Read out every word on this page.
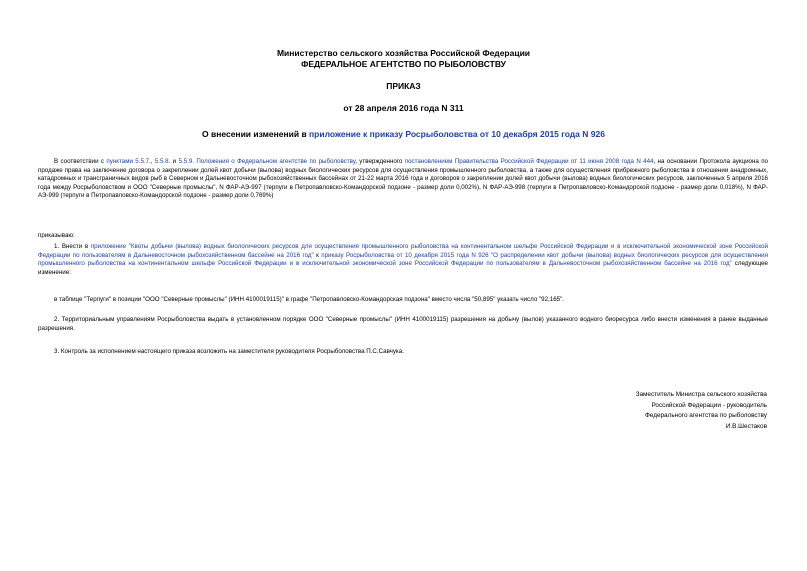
Министерство сельского хозяйства Российской Федерации
ФЕДЕРАЛЬНОЕ АГЕНТСТВО ПО РЫБОЛОВСТВУ
ПРИКАЗ
от 28 апреля 2016 года N 311
О внесении изменений в приложение к приказу Росрыболовства от 10 декабря 2015 года N 926

В соответствии с пунктами 5.5.7., 5.5.8. и 5.5.9. Положения о Федеральном агентстве по рыболовству, утвержденного постановлением Правительства Российской Федерации от 11 июня 2008 года N 444, на основании Протокола аукциона по продаже права на заключение договора о закреплении долей квот добычи (вылова) водных биологических ресурсов для осуществления промышленного рыболовства, а также для осуществления прибрежного рыболовства в отношении анадромных, катадромных и трансграничных видов рыб в Северном и Дальневосточном рыбохозяйственных бассейнах от 21-22 марта 2016 года и договоров о закреплении долей квот добычи (вылова) водных биологических ресурсов, заключенных 5 апреля 2016 года между Росрыболовством и ООО "Северные промыслы", N ФАР-АЭ-997 (терпуги в Петропавловско-Командорской подзоне - размер доли 0,002%), N ФАР-АЭ-998 (терпуги в Петропавловско-Командорской подзоне - размер доли 0,018%), N ФАР-АЭ-999 (терпуги в Петропавловско-Командорской подзоне - размер доли 0,769%)

приказываю:

1. Внести в приложение "Квоты добычи (вылова) водных биологических ресурсов для осуществления промышленного рыболовства на континентальном шельфе Российской Федерации и в исключительной экономической зоне Российской Федерации по пользователям в Дальневосточном рыбохозяйственном бассейне на 2016 год" к приказу Росрыболовства от 10 декабря 2015 года N 926 "О распределении квот добычи (вылова) водных биологических ресурсов для осуществления промышленного рыболовства на континентальном шельфе Российской Федерации и в исключительной экономической зоне Российской Федерации по пользователям в Дальневосточном рыбохозяйственном бассейне на 2016 год" следующее изменение:

в таблице "Терпуги" в позиции "ООО "Северные промыслы" (ИНН 4100019115)" в графе "Петропавловско-Командорская подзона" вместо числа "50,895" указать число "92,165".
2. Территориальным управлениям Росрыболовства выдать в установленном порядке ООО "Северные промыслы" (ИНН 4100019115) разрешения на добычу (вылов) указанного водного биоресурса либо внести изменения в ранее выданные разрешения.
3. Контроль за исполнением настоящего приказа возложить на заместителя руководителя Росрыболовства П.С.Савчука.
Заместитель Министра сельского хозяйства
Российской Федерации - руководитель
Федерального агентства по рыболовству
И.В.Шестаков
